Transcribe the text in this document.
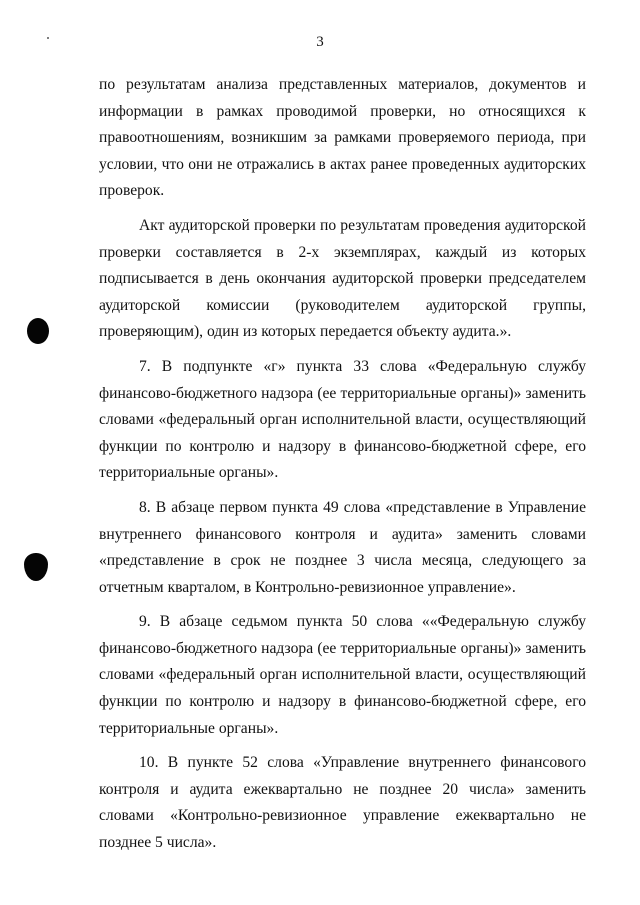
3

по результатам анализа представленных материалов, документов и информации в рамках проводимой проверки, но относящихся к правоотношениям, возникшим за рамками проверяемого периода, при условии, что они не отражались в актах ранее проведенных аудиторских проверок.

Акт аудиторской проверки по результатам проведения аудиторской проверки составляется в 2-х экземплярах, каждый из которых подписывается в день окончания аудиторской проверки председателем аудиторской комиссии (руководителем аудиторской группы, проверяющим), один из которых передается объекту аудита.».

7. В подпункте «г» пункта 33 слова «Федеральную службу финансово-бюджетного надзора (ее территориальные органы)» заменить словами «федеральный орган исполнительной власти, осуществляющий функции по контролю и надзору в финансово-бюджетной сфере, его территориальные органы».

8. В абзаце первом пункта 49 слова «представление в Управление внутреннего финансового контроля и аудита» заменить словами «представление в срок не позднее 3 числа месяца, следующего за отчетным кварталом, в Контрольно-ревизионное управление».

9. В абзаце седьмом пункта 50 слова ««Федеральную службу финансово-бюджетного надзора (ее территориальные органы)» заменить словами «федеральный орган исполнительной власти, осуществляющий функции по контролю и надзору в финансово-бюджетной сфере, его территориальные органы».

10. В пункте 52 слова «Управление внутреннего финансового контроля и аудита ежеквартально не позднее 20 числа» заменить словами «Контрольно-ревизионное управление ежеквартально не позднее 5 числа».
